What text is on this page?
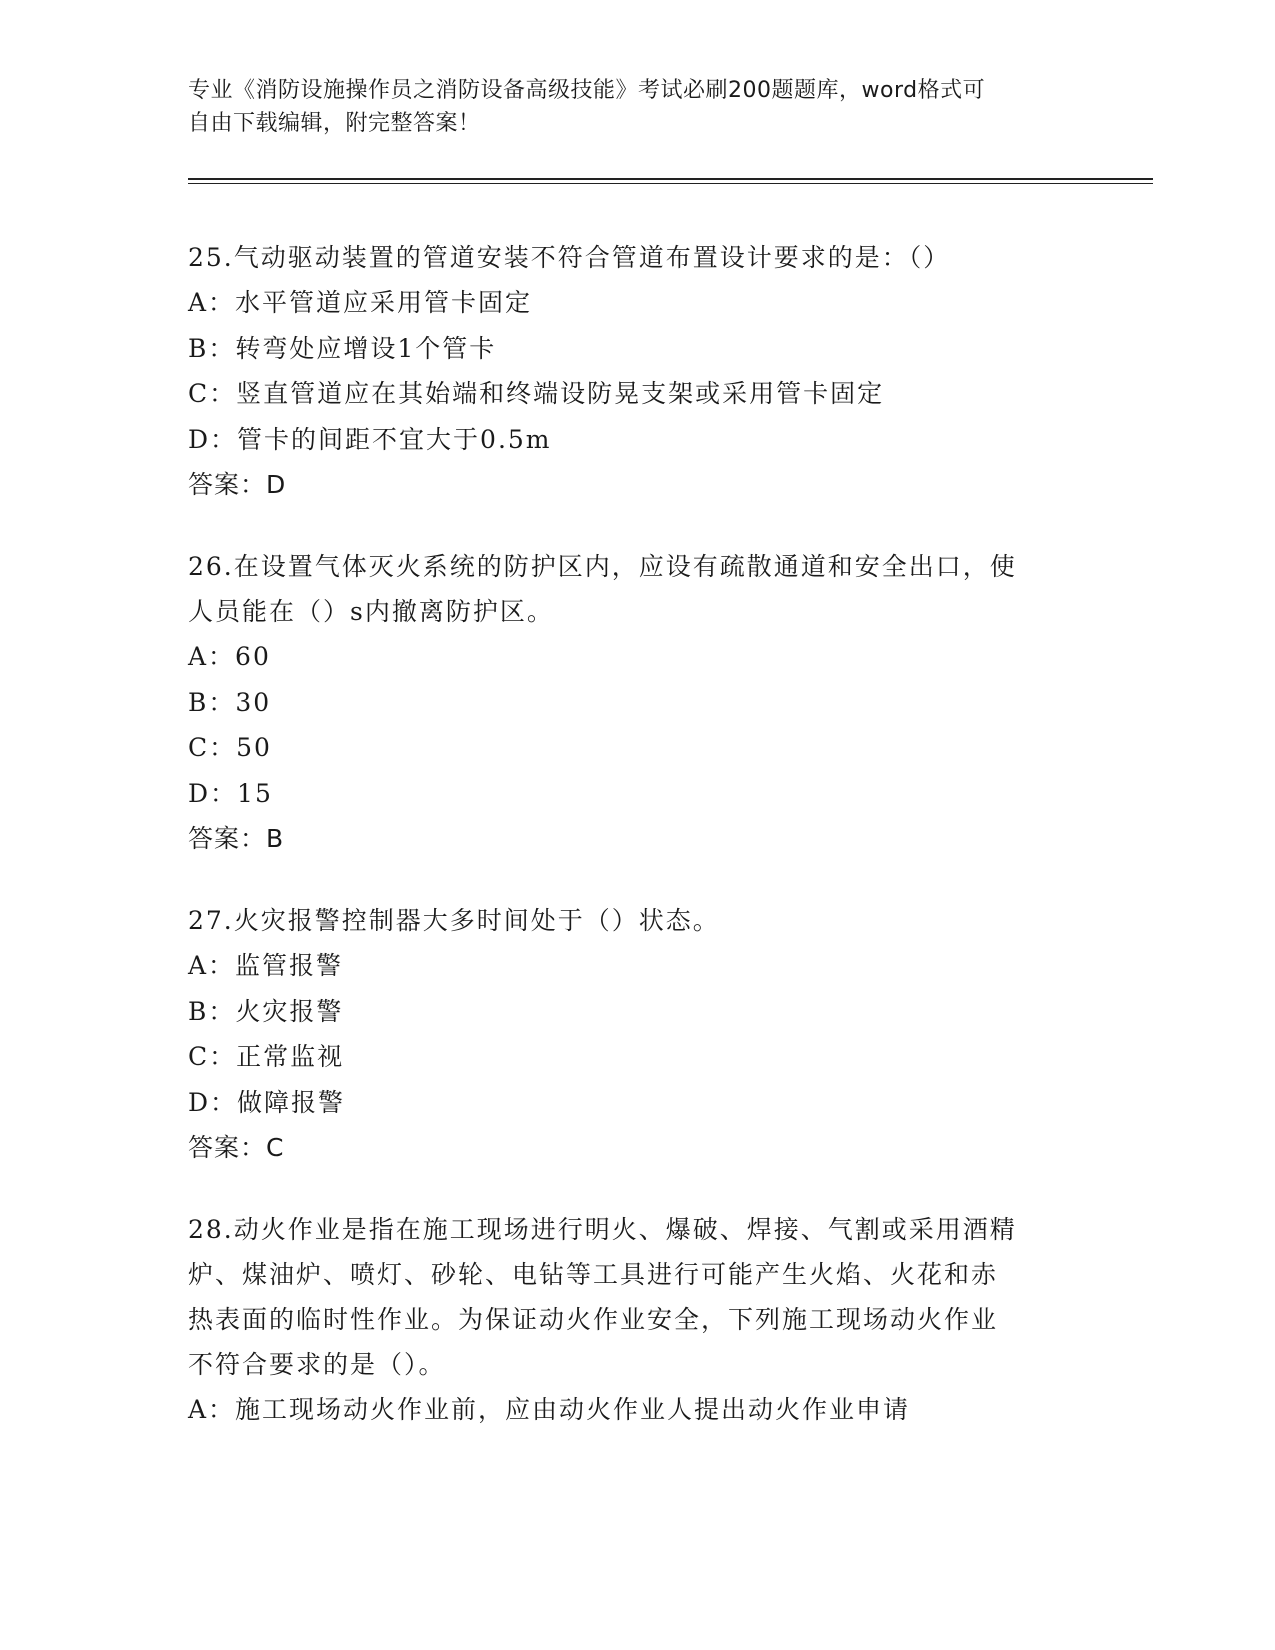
专业《消防设施操作员之消防设备高级技能》考试必刷200题题库，word格式可
自由下载编辑，附完整答案！

25.气动驱动装置的管道安装不符合管道布置设计要求的是：（）

A：水平管道应采用管卡固定

B：转弯处应增设1个管卡

C：竖直管道应在其始端和终端设防晃支架或采用管卡固定

D：管卡的间距不宜大于0.5m

答案：D

26.在设置气体灭火系统的防护区内，应设有疏散通道和安全出口，使

人员能在（）s内撤离防护区。

A：60

B：30

C：50

D：15

答案：B

27.火灾报警控制器大多时间处于（）状态。

A：监管报警

B：火灾报警

C：正常监视

D：做障报警

答案：C

28.动火作业是指在施工现场进行明火、爆破、焊接、气割或采用酒精

炉、煤油炉、喷灯、砂轮、电钻等工具进行可能产生火焰、火花和赤

热表面的临时性作业。为保证动火作业安全，下列施工现场动火作业

不符合要求的是（）。

A：施工现场动火作业前，应由动火作业人提出动火作业申请
